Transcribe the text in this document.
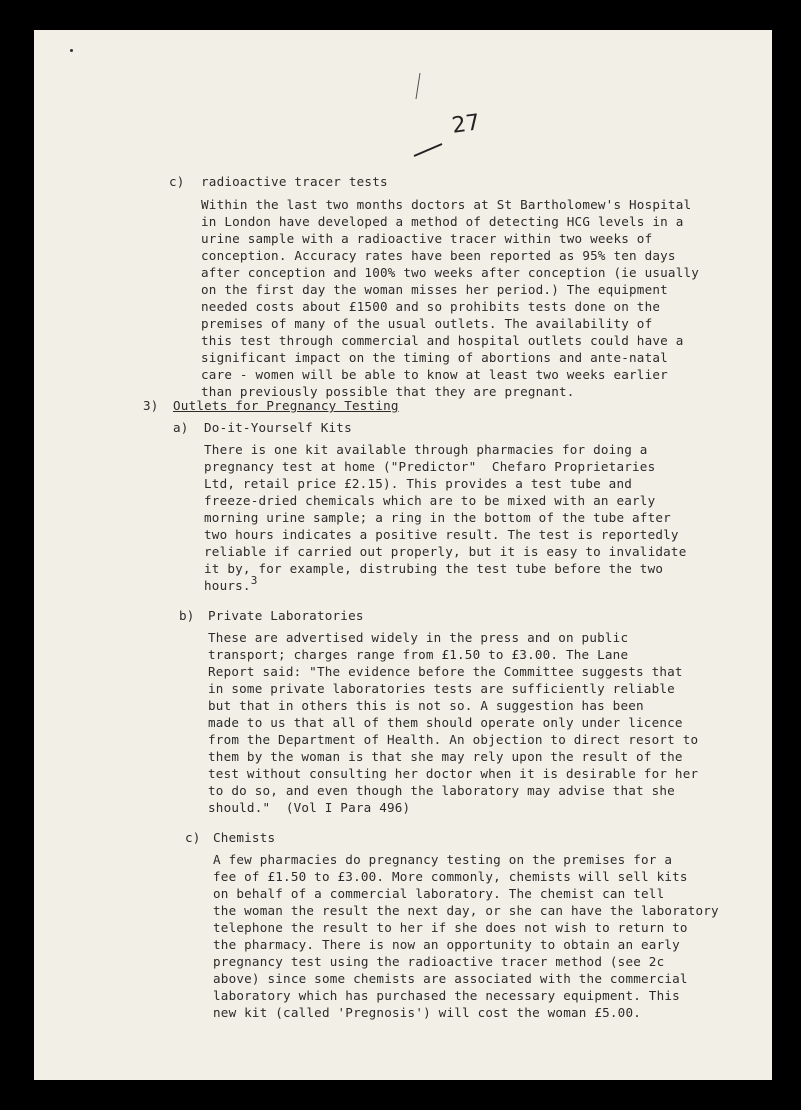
27
c) radioactive tracer tests
Within the last two months doctors at St Bartholomew's Hospital
in London have developed a method of detecting HCG levels in a
urine sample with a radioactive tracer within two weeks of
conception. Accuracy rates have been reported as 95% ten days
after conception and 100% two weeks after conception (ie usually
on the first day the woman misses her period.) The equipment
needed costs about £1500 and so prohibits tests done on the
premises of many of the usual outlets. The availability of
this test through commercial and hospital outlets could have a
significant impact on the timing of abortions and ante-natal
care - women will be able to know at least two weeks earlier
than previously possible that they are pregnant.
3) Outlets for Pregnancy Testing
a) Do-it-Yourself Kits
There is one kit available through pharmacies for doing a
pregnancy test at home ("Predictor"  Chefaro Proprietaries
Ltd, retail price £2.15). This provides a test tube and
freeze-dried chemicals which are to be mixed with an early
morning urine sample; a ring in the bottom of the tube after
two hours indicates a positive result. The test is reportedly
reliable if carried out properly, but it is easy to invalidate
it by, for example, distrubing the test tube before the two
hours.3
b) Private Laboratories
These are advertised widely in the press and on public
transport; charges range from £1.50 to £3.00. The Lane
Report said: "The evidence before the Committee suggests that
in some private laboratories tests are sufficiently reliable
but that in others this is not so. A suggestion has been
made to us that all of them should operate only under licence
from the Department of Health. An objection to direct resort to
them by the woman is that she may rely upon the result of the
test without consulting her doctor when it is desirable for her
to do so, and even though the laboratory may advise that she
should."  (Vol I Para 496)
c) Chemists
A few pharmacies do pregnancy testing on the premises for a
fee of £1.50 to £3.00. More commonly, chemists will sell kits
on behalf of a commercial laboratory. The chemist can tell
the woman the result the next day, or she can have the laboratory
telephone the result to her if she does not wish to return to
the pharmacy. There is now an opportunity to obtain an early
pregnancy test using the radioactive tracer method (see 2c
above) since some chemists are associated with the commercial
laboratory which has purchased the necessary equipment. This
new kit (called 'Pregnosis') will cost the woman £5.00.
